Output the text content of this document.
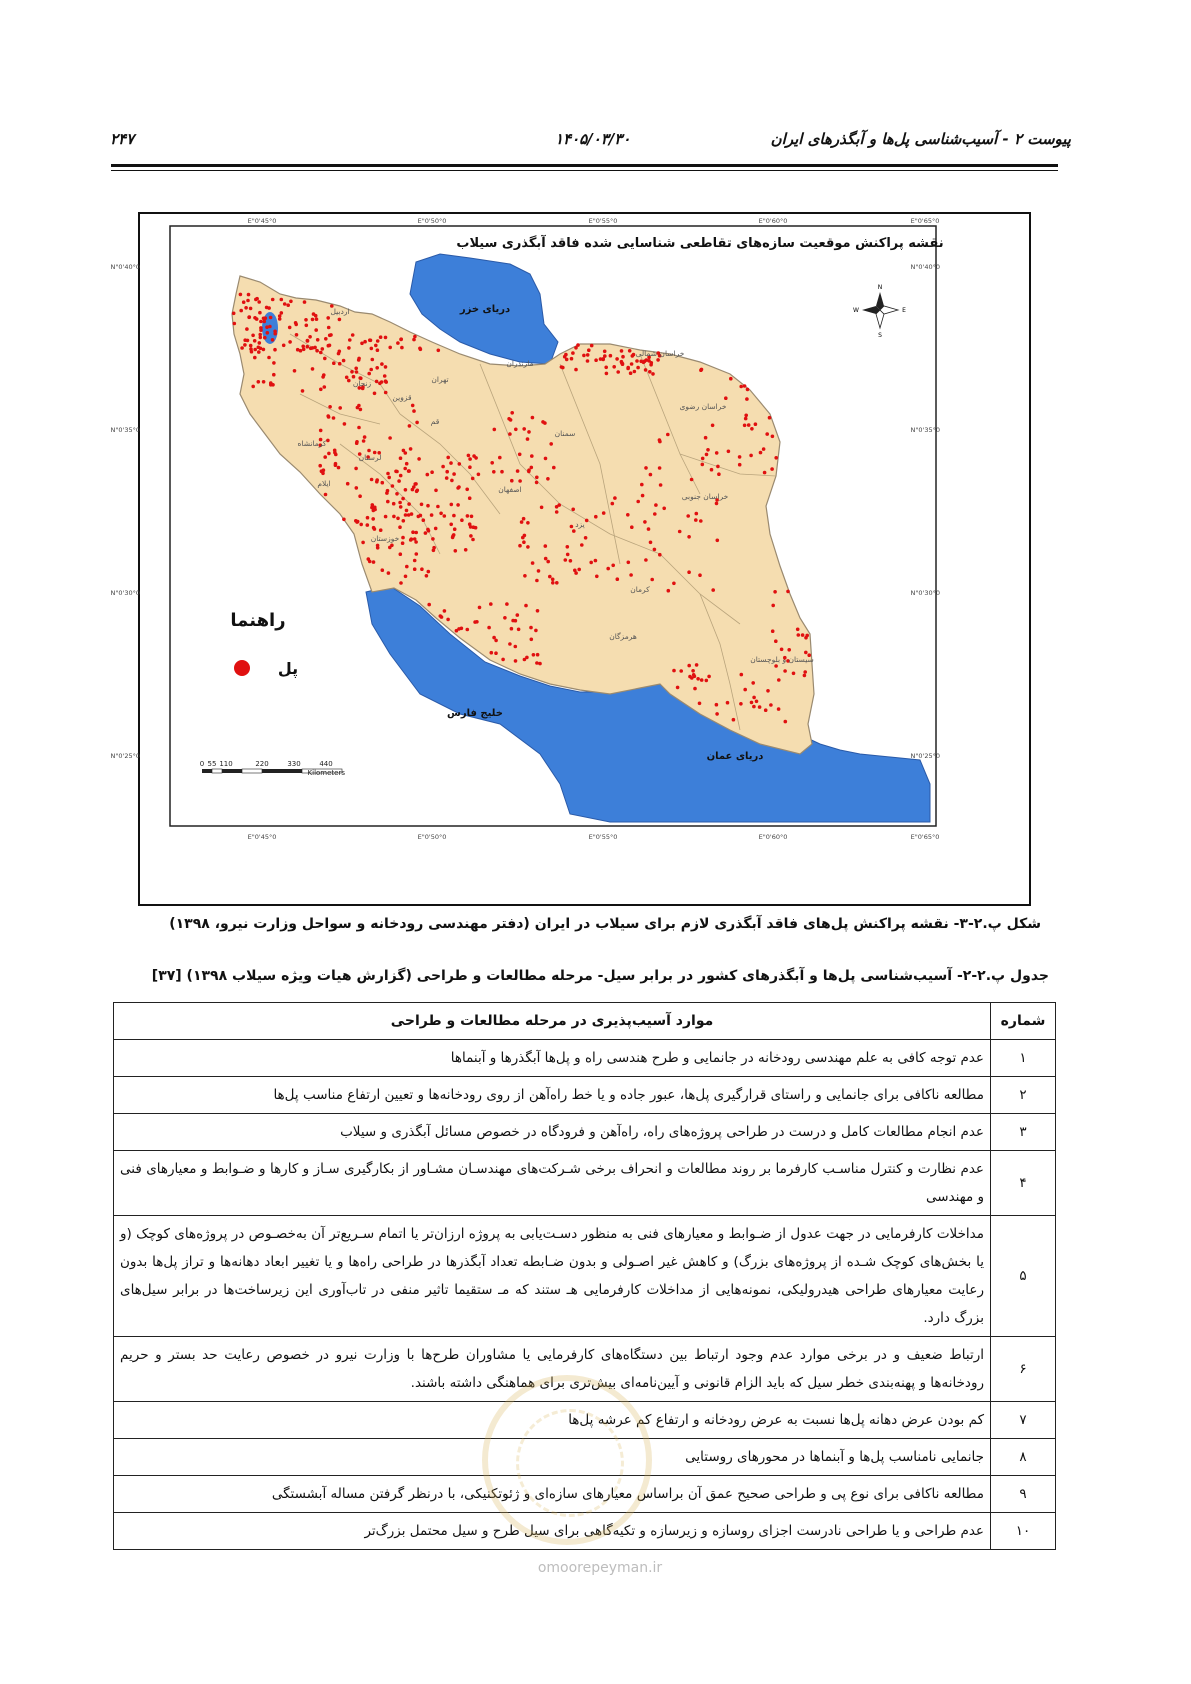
پیوست ۲ - آسیب‌شناسی پل‌ها و آبگذرهای ایران
۱۴۰۵/۰۳/۳۰
۲۴۷
دریای خزر
خلیج فارس
دریای عمان
زنجان
قزوین
سمنان
خراسان رضوی
خراسان شمالی
خراسان جنوبی
اصفهان
یزد
کرمان
هرمزگان
سیستان و بلوچستان
خوزستان
کرمانشاه
ایلام
لرستان
قم
اردبیل
تهران
مازندران
نقشه پراکنش موقعیت سازه‌های تقاطعی شناسایی شده فاقد آبگذری سیلاب
45°0'0"E	50°0'0"E	55°0'0"E	60°0'0"E	65°0'0"E
45°0'0"E	50°0'0"E	55°0'0"E	60°0'0"E	65°0'0"E
40°0'0"N
35°0'0"N
30°0'0"N
25°0'0"N
40°0'0"N
35°0'0"N
30°0'0"N
25°0'0"N
N
S
E
W
راهنما
پل
0 55 110	220	330	440
Kilometers
شکل پ.۲-۳- نقشه پراکنش پل‌های فاقد آبگذری لازم برای سیلاب در ایران (دفتر مهندسی رودخانه و سواحل وزارت نیرو، ۱۳۹۸)
جدول پ.۲-۲- آسیب‌شناسی پل‌ها و آبگذرهای کشور در برابر سیل- مرحله مطالعات و طراحی (گزارش هیات ویژه سیلاب ۱۳۹۸) [۳۷]
شماره	موارد آسیب‌پذیری در مرحله مطالعات و طراحی
۱	عدم توجه کافی به علم مهندسی رودخانه در جانمایی و طرح هندسی راه و پل‌ها آبگذرها و آبنماها
۲	مطالعه ناکافی برای جانمایی و راستای قرارگیری پل‌ها، عبور جاده و یا خط راه‌آهن از روی رودخانه‌ها و تعیین ارتفاع مناسب پل‌ها
۳	عدم انجام مطالعات کامل و درست در طراحی پروژه‌های راه، راه‌آهن و فرودگاه در خصوص مسائل آبگذری و سیلاب
۴	عدم نظارت و کنترل مناسـب کارفرما بر روند مطالعات و انحراف برخی شـرکت‌های مهندسـان مشـاور از بکارگیری سـاز و کارها و ضـوابط و معیارهای فنی و مهندسی
۵	مداخلات کارفرمایی در جهت عدول از ضـوابط و معیارهای فنی به منظور دسـت‌یابی به پروژه ارزان‌تر یا اتمام سـریع‌تر آن به‌خصـوص در پروژه‌های کوچک (و یا بخش‌های کوچک شـده از پروژه‌های بزرگ) و کاهش غیر اصـولی و بدون ضـابطه تعداد آبگذرها در طراحی راه‌ها و یا تغییر ابعاد دهانه‌ها و تراز پل‌ها بدون رعایت معیارهای طراحی هیدرولیکی، نمونه‌هایی از مداخلات کارفرمایی هـ ستند که مـ ستقیما تاثیر منفی در تاب‌آوری این زیرساخت‌ها در برابر سیل‌های بزرگ دارد.
۶	ارتباط ضعیف و در برخی موارد عدم وجود ارتباط بین دستگاه‌های کارفرمایی یا مشاوران طرح‌ها با وزارت نیرو در خصوص رعایت حد بستر و حریم رودخانه‌ها و پهنه‌بندی خطر سیل که باید الزام قانونی و آیین‌نامه‌ای بیش‌تری برای هماهنگی داشته باشند.
۷	کم بودن عرض دهانه پل‌ها نسبت به عرض رودخانه و ارتفاع کم عرشه پل‌ها
۸	جانمایی نامناسب پل‌ها و آبنماها در محورهای روستایی
۹	مطالعه ناکافی برای نوع پی و طراحی صحیح عمق آن براساس معیارهای سازه‌ای و ژئوتکنیکی، با درنظر گرفتن مساله آبشستگی
۱۰	عدم طراحی و یا طراحی نادرست اجزای روسازه و زیرسازه و تکیه‌گاهی برای سیل طرح و سیل محتمل بزرگ‌تر
omoorepeyman.ir
